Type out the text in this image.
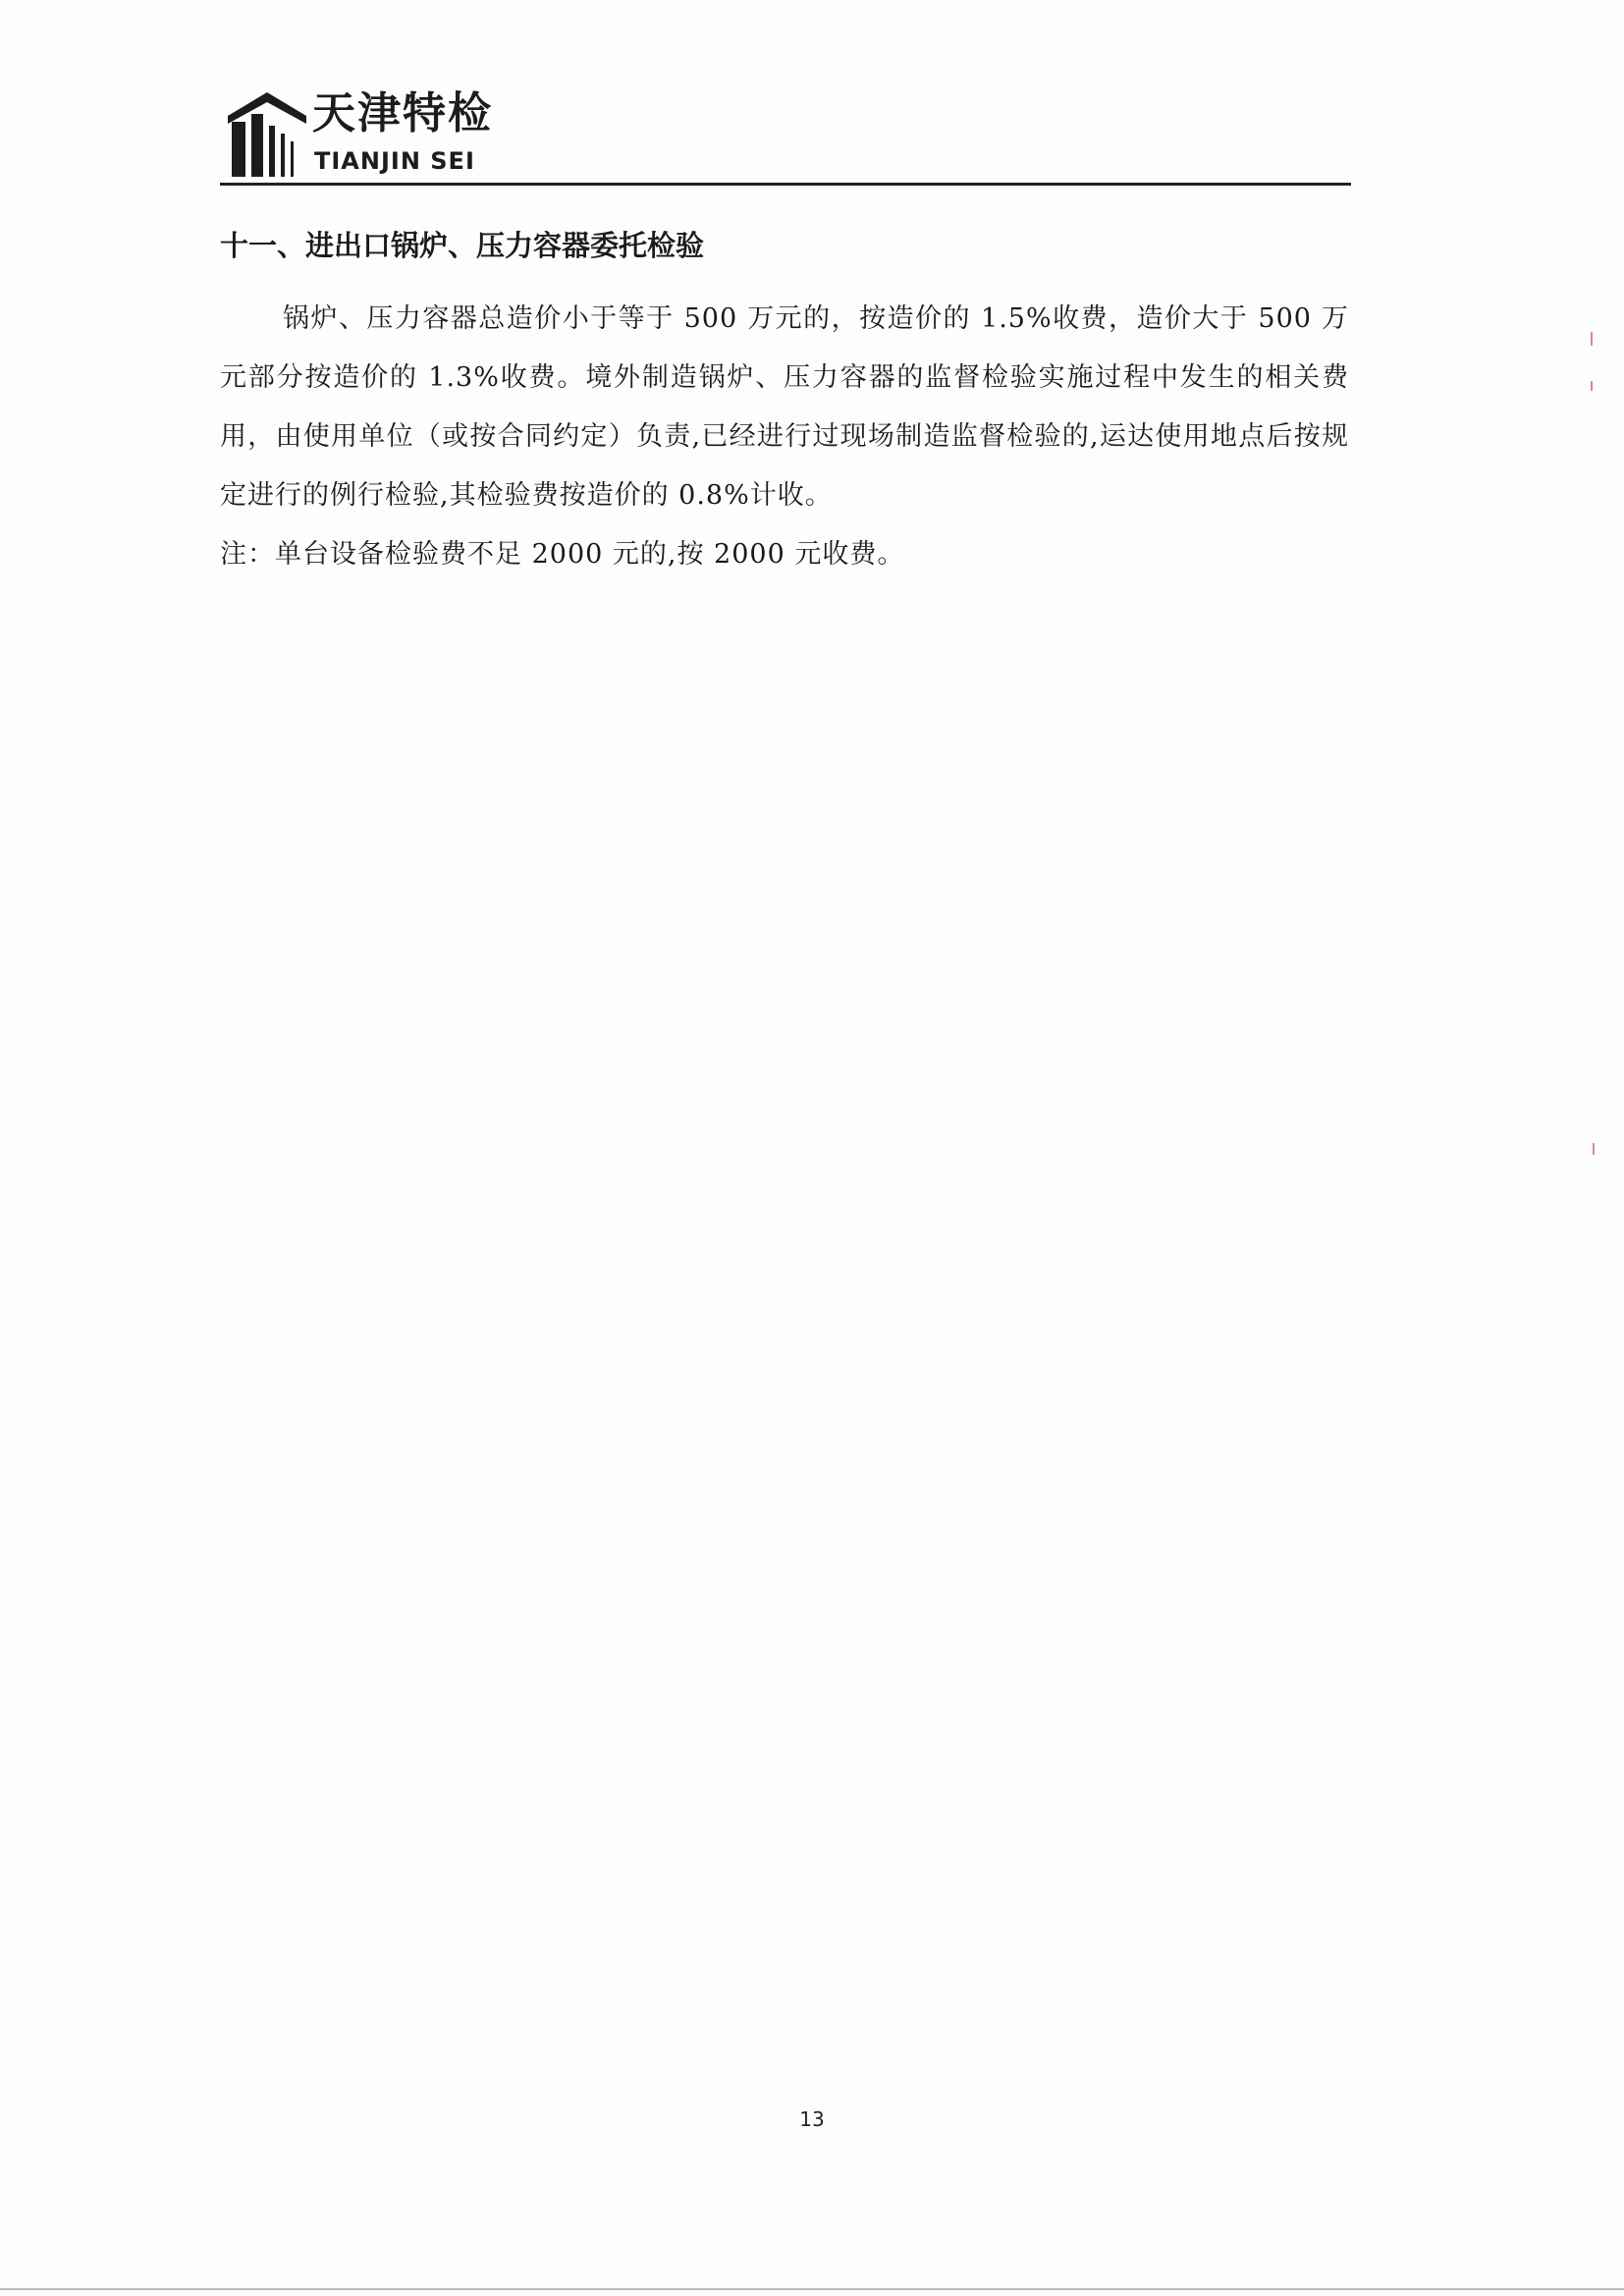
天津特检
TIANJIN SEI
十一、进出口锅炉、压力容器委托检验

锅炉、压力容器总造价小于等于 500 万元的，按造价的 1.5%收费，造价大于 500 万元部分按造价的 1.3%收费。境外制造锅炉、压力容器的监督检验实施过程中发生的相关费用，由使用单位（或按合同约定）负责,已经进行过现场制造监督检验的,运达使用地点后按规定进行的例行检验,其检验费按造价的 0.8%计收。

注：单台设备检验费不足 2000 元的,按 2000 元收费。

13
